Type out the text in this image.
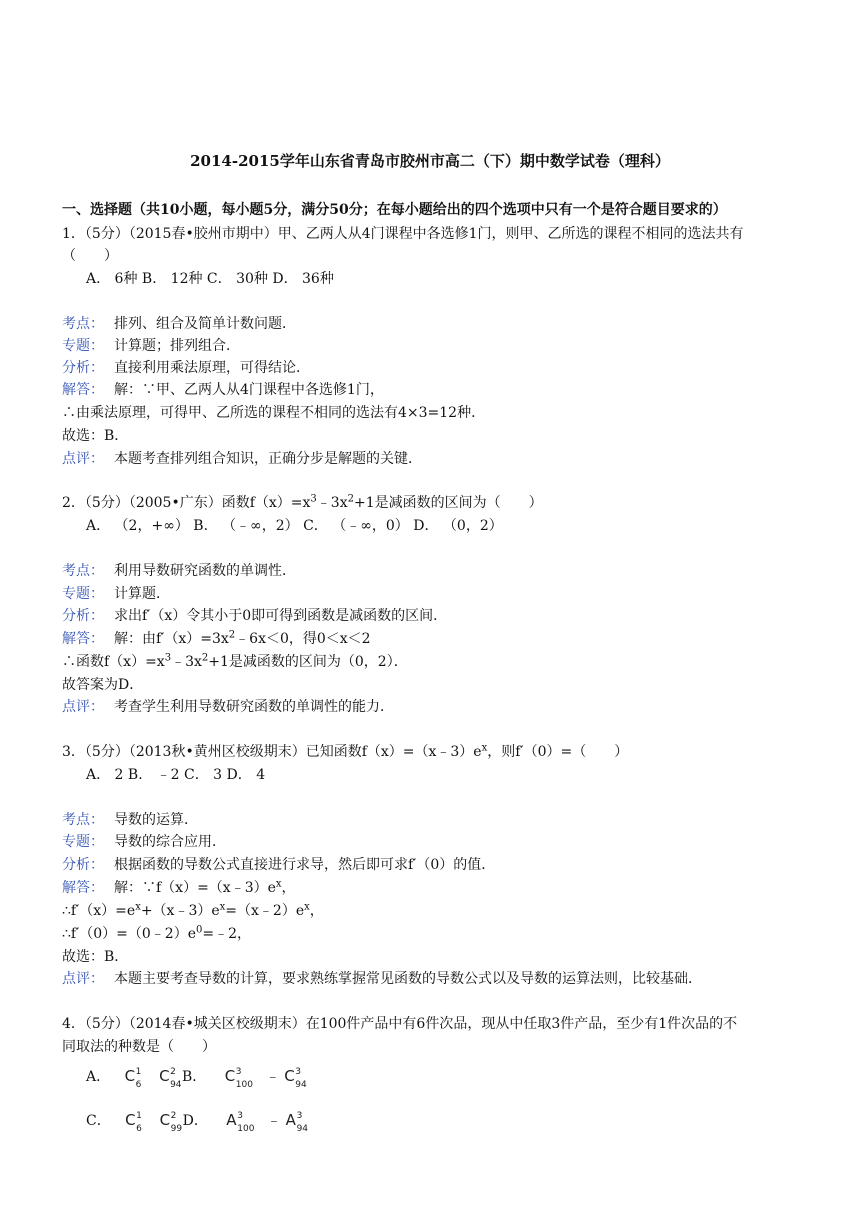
2014-2015学年山东省青岛市胶州市高二（下）期中数学试卷（理科）
一、选择题（共10小题，每小题5分，满分50分；在每小题给出的四个选项中只有一个是符合题目要求的）
1．（5分）（2015春•胶州市期中）甲、乙两人从4门课程中各选修1门，则甲、乙所选的课程不相同的选法共有
（　　）
A． 6种 B． 12种 C． 30种 D． 36种
考点： 排列、组合及简单计数问题．
专题： 计算题；排列组合．
分析： 直接利用乘法原理，可得结论．
解答： 解：∵甲、乙两人从4门课程中各选修1门，
∴由乘法原理，可得甲、乙所选的课程不相同的选法有4×3=12种．
故选：B．
点评： 本题考查排列组合知识，正确分步是解题的关键．
2．（5分）（2005•广东）函数$f(x)=x^3﹣3x^2+1$是减函数的区间为（　　）
A． （2，+∞） B． （﹣∞，2） C． （﹣∞，0） D． （0，2）
考点： 利用导数研究函数的单调性．
专题： 计算题．
分析： 求出f′（x）令其小于0即可得到函数是减函数的区间．
解答： 解：由$f'(x)=3x^2﹣6x<0$，得0＜x＜2
∴函数$f(x)=x^3﹣3x^2+1$是减函数的区间为（0，2）．
故答案为D．
点评： 考查学生利用导数研究函数的单调性的能力．
3．（5分）（2013秋•黄州区校级期末）已知函数$f(x)=(x﹣3)e^x$，则f′（0）=（　　）
A． 2 B． ﹣2 C． 3 D． 4
考点： 导数的运算．
专题： 导数的综合应用．
分析： 根据函数的导数公式直接进行求导，然后即可求f′（0）的值．
解答： 解：$\because f(x)=(x﹣3)e^x$，
$\therefore f'(x)=e^x+(x﹣3)e^x=(x﹣2)e^x$，
$\therefore f'(0)=(0﹣2)e^0=﹣2$，
故选：B．
点评： 本题主要考查导数的计算，要求熟练掌握常见函数的导数公式以及导数的运算法则，比较基础．
4．（5分）（2014春•城关区校级期末）在100件产品中有6件次品，现从中任取3件产品，至少有1件次品的不
同取法的种数是（　　）
A． C 1
6 C 2
94 B． C 3
100 ﹣ C 3
94
C． C 1
6 C 2
99 D． A 3
100 ﹣ A 3
94
